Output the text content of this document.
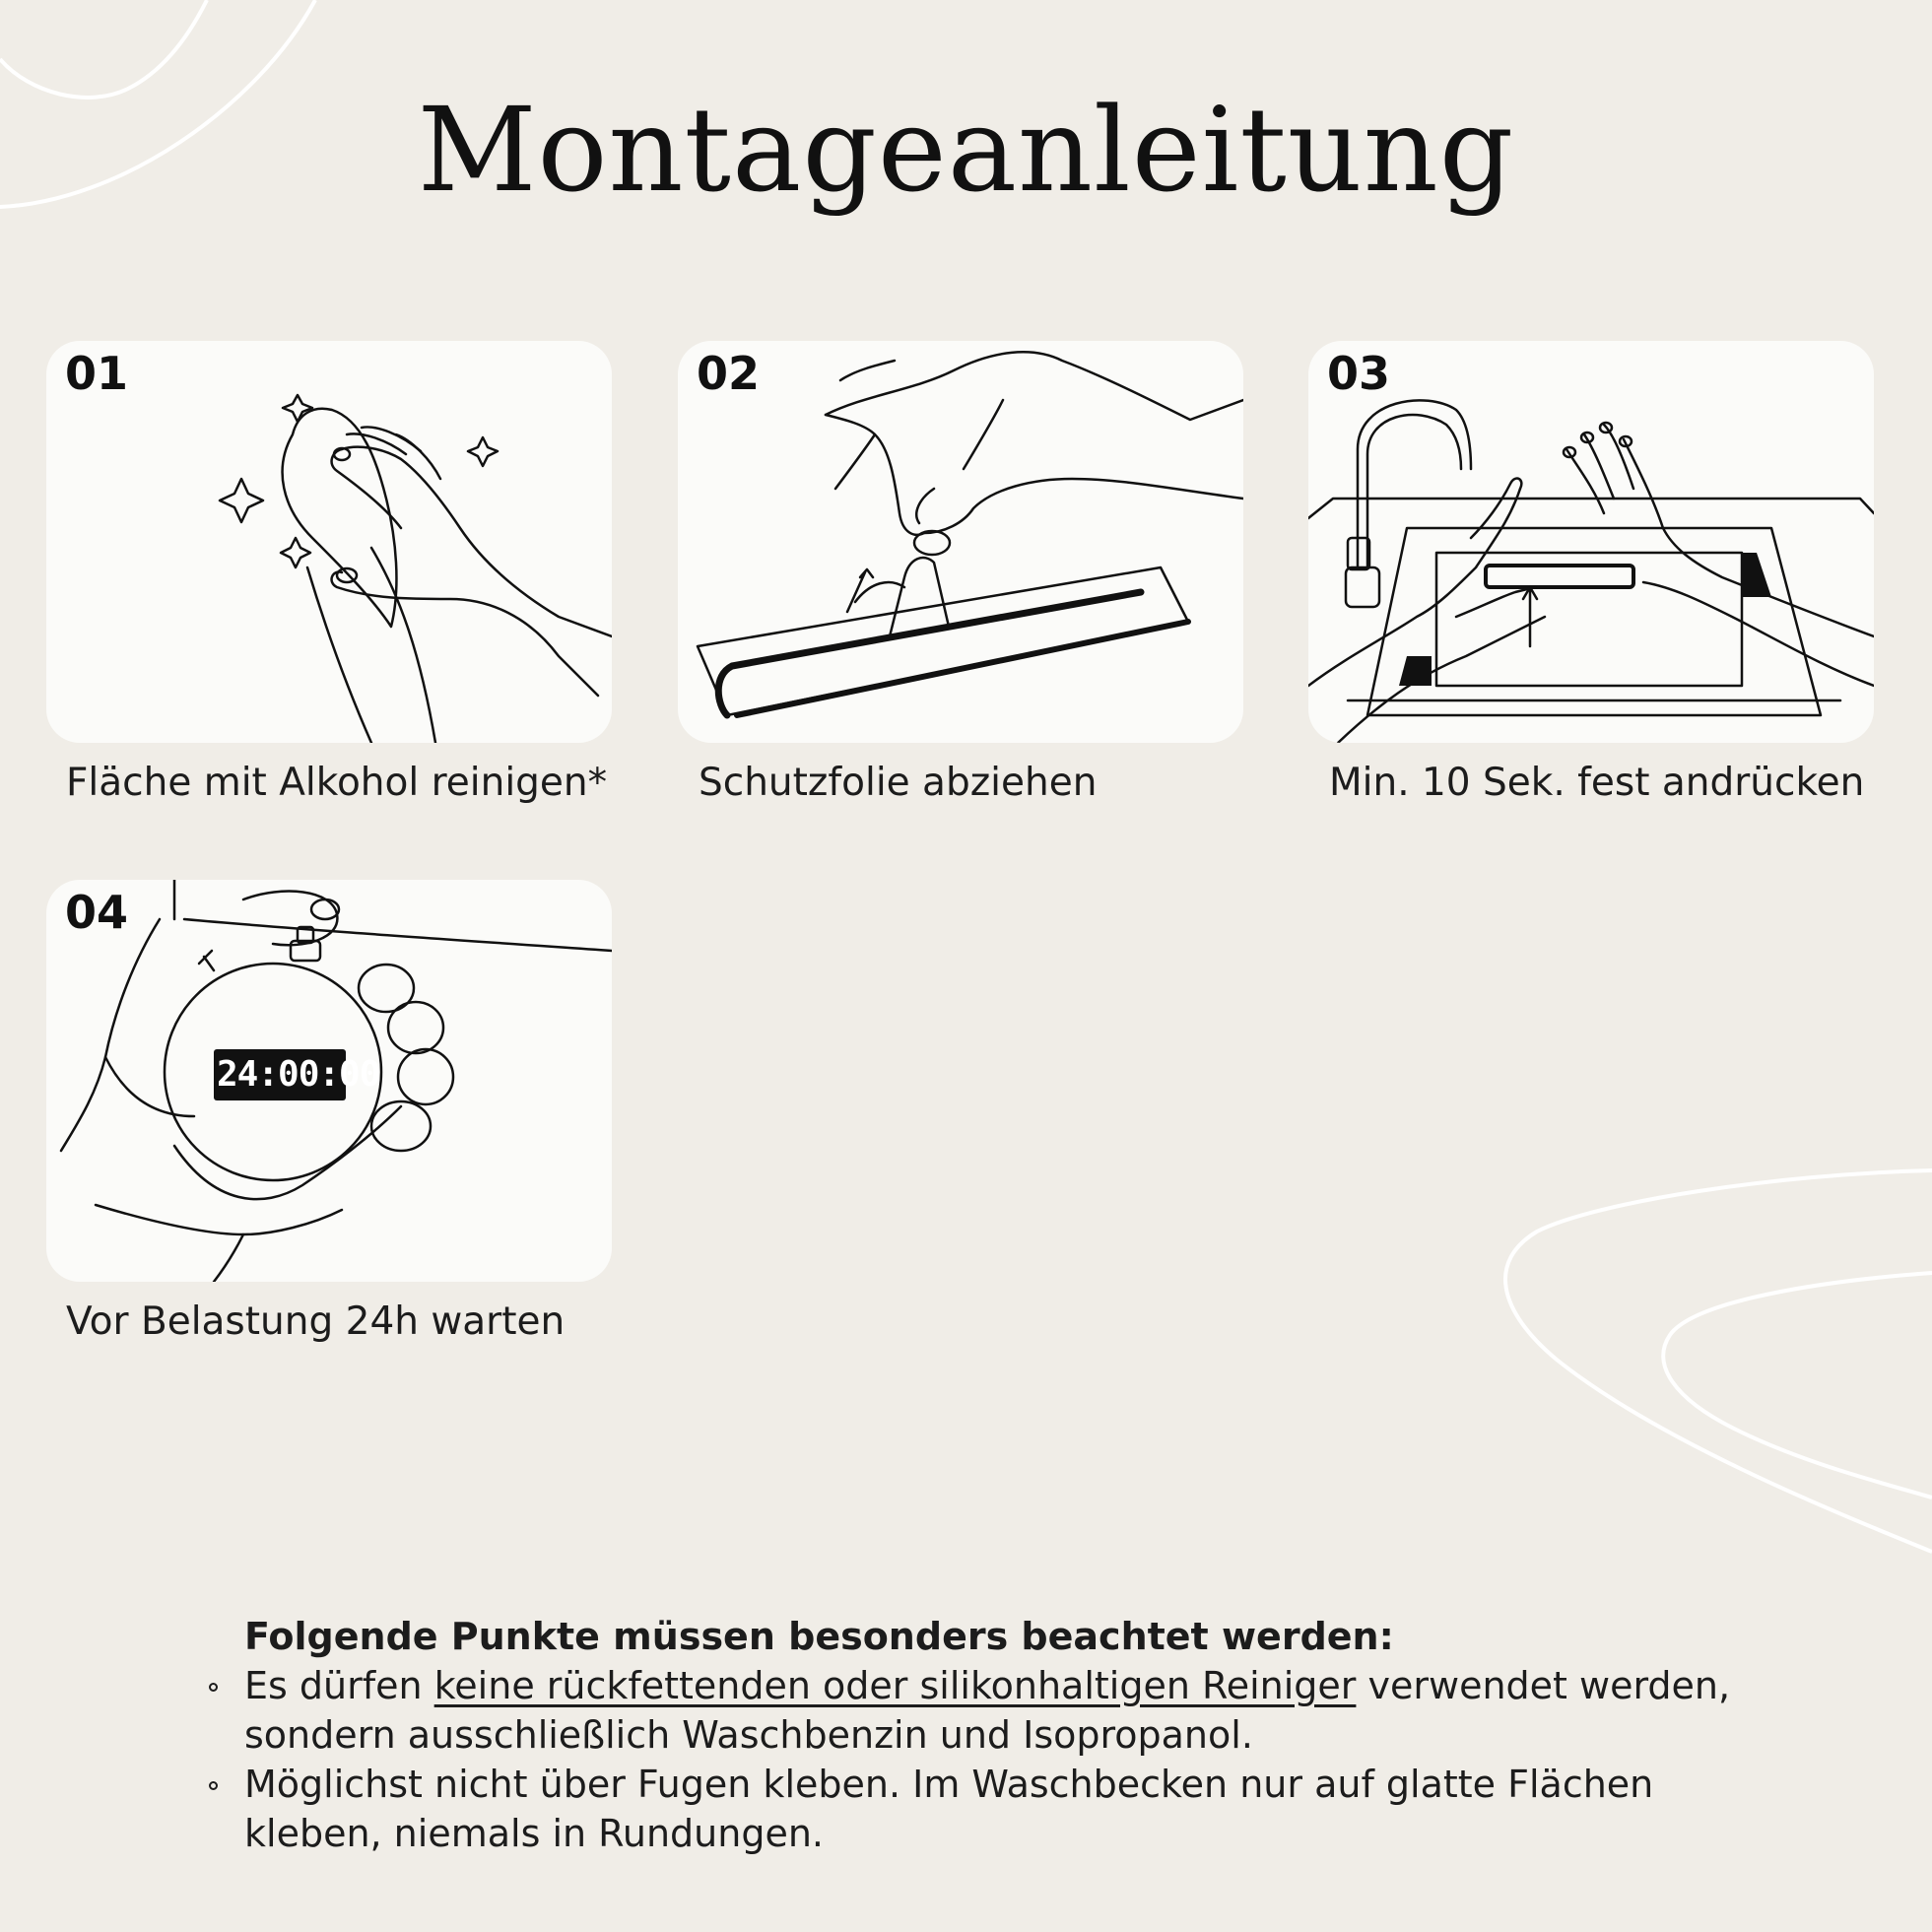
Montageanleitung
01
Fläche mit Alkohol reinigen*
02
Schutzfolie abziehen
03
Min. 10 Sek. fest andrücken
04
24:00:00
Vor Belastung 24h warten
Folgende Punkte müssen besonders beachtet werden:
Es dürfen keine rückfettenden oder silikonhaltigen Reiniger verwendet werden, sondern ausschließlich Waschbenzin und Isopropanol.
Möglichst nicht über Fugen kleben. Im Waschbecken nur auf glatte Flächen kleben, niemals in Rundungen.
